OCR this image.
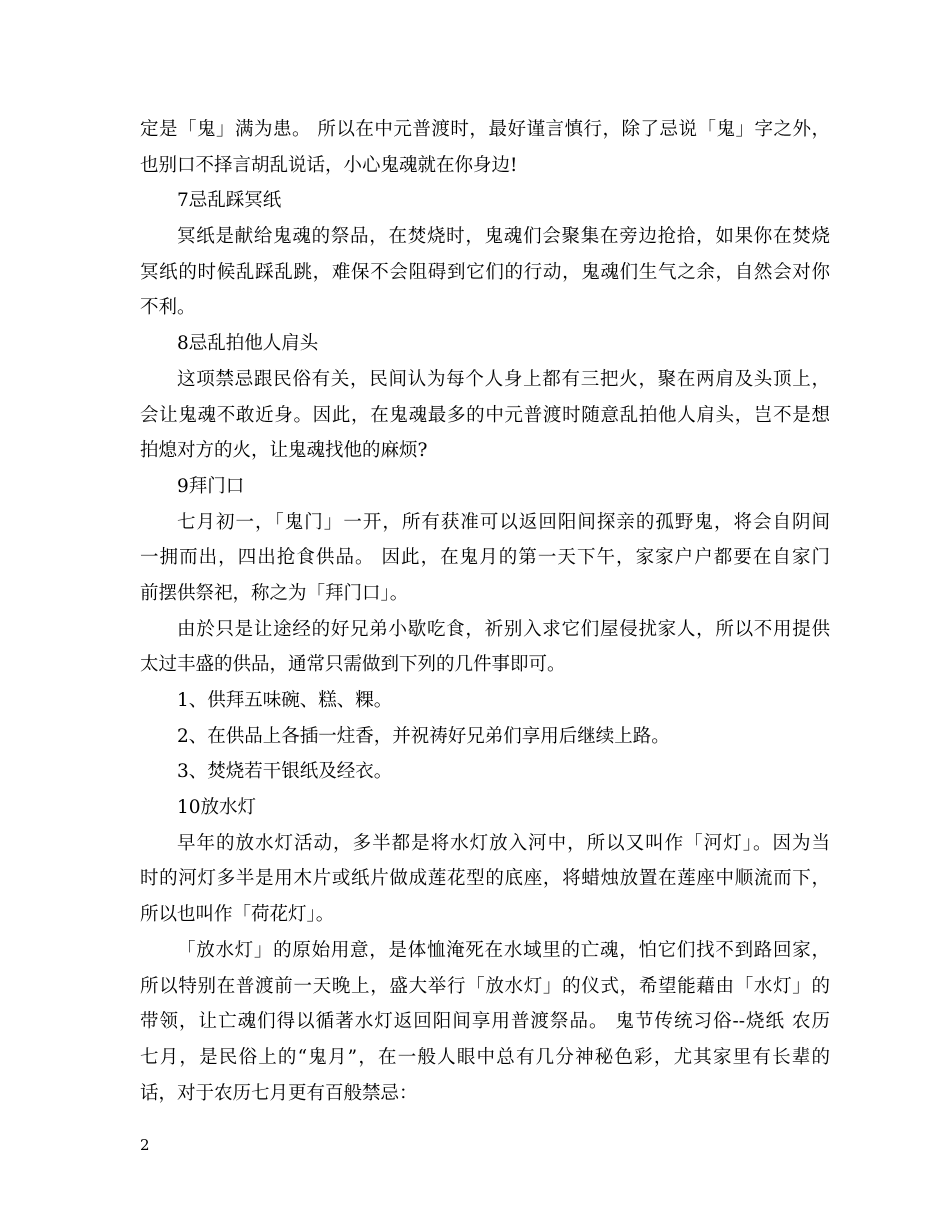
定是「鬼」满为患。 所以在中元普渡时，最好谨言慎行，除了忌说「鬼」字之外，
也别口不择言胡乱说话，小心鬼魂就在你身边!
7忌乱踩冥纸
冥纸是献给鬼魂的祭品，在焚烧时，鬼魂们会聚集在旁边抢拾，如果你在焚烧
冥纸的时候乱踩乱跳，难保不会阻碍到它们的行动，鬼魂们生气之余，自然会对你
不利。
8忌乱拍他人肩头
这项禁忌跟民俗有关，民间认为每个人身上都有三把火，聚在两肩及头顶上，
会让鬼魂不敢近身。因此，在鬼魂最多的中元普渡时随意乱拍他人肩头，岂不是想
拍熄对方的火，让鬼魂找他的麻烦?
9拜门口
七月初一，「鬼门」一开，所有获准可以返回阳间探亲的孤野鬼，将会自阴间
一拥而出，四出抢食供品。 因此，在鬼月的第一天下午，家家户户都要在自家门
前摆供祭祀，称之为「拜门口」。
由於只是让途经的好兄弟小歇吃食，祈别入求它们屋侵扰家人，所以不用提供
太过丰盛的供品，通常只需做到下列的几件事即可。
1、供拜五味碗、糕、粿。
2、在供品上各插一炷香，并祝祷好兄弟们享用后继续上路。
3、焚烧若干银纸及经衣。
10放水灯
早年的放水灯活动，多半都是将水灯放入河中，所以又叫作「河灯」。因为当
时的河灯多半是用木片或纸片做成莲花型的底座，将蜡烛放置在莲座中顺流而下，
所以也叫作「荷花灯」。
「放水灯」的原始用意，是体恤淹死在水域里的亡魂，怕它们找不到路回家，
所以特别在普渡前一天晚上，盛大举行「放水灯」的仪式，希望能藉由「水灯」的
带领，让亡魂们得以循著水灯返回阳间享用普渡祭品。 鬼节传统习俗--烧纸 农历
七月，是民俗上的“鬼月”，在一般人眼中总有几分神秘色彩，尤其家里有长辈的
话，对于农历七月更有百般禁忌：
2
